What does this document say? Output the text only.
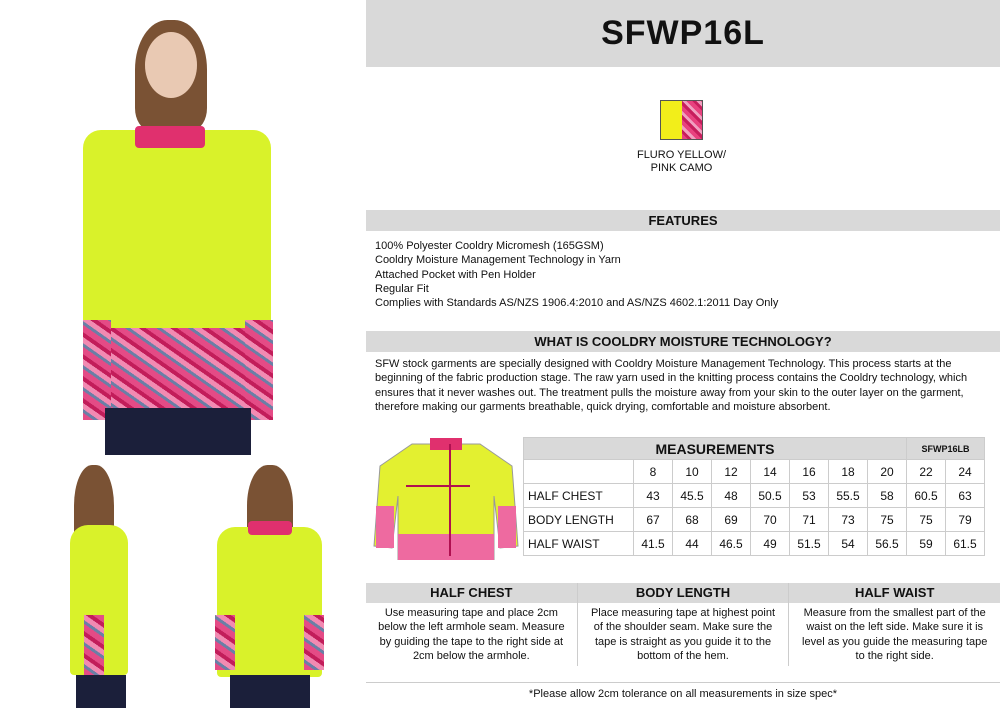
SFWP16L
FLURO YELLOW/
PINK CAMO
FEATURES
100% Polyester Cooldry Micromesh (165GSM)
Cooldry Moisture Management Technology in Yarn
Attached Pocket with Pen Holder
Regular Fit
Complies with Standards AS/NZS 1906.4:2010 and AS/NZS 4602.1:2011 Day Only
WHAT IS COOLDRY MOISTURE TECHNOLOGY?
SFW stock garments are specially designed with Cooldry Moisture Management Technology. This process starts at the beginning of the fabric production stage. The raw yarn used in the knitting process contains the Cooldry technology, which ensures that it never washes out. The treatment pulls the moisture away from your skin to the outer layer on the garment, therefore making our garments breathable, quick drying, comfortable and moisture absorbent.
MEASUREMENTS								SFWP16LB	
	8	10	12	14	16	18	20	22	24
HALF CHEST	43	45.5	48	50.5	53	55.5	58	60.5	63
BODY LENGTH	67	68	69	70	71	73	75	75	79
HALF WAIST	41.5	44	46.5	49	51.5	54	56.5	59	61.5
HALF CHEST
Use measuring tape and place 2cm below the left armhole seam. Measure by guiding the tape to the right side at 2cm below the armhole.
BODY LENGTH
Place measuring tape at highest point of the shoulder seam. Make sure the tape is straight as you guide it to the bottom of the hem.
HALF WAIST
Measure from the smallest part of the waist on the left side. Make sure it is level as you guide the measuring tape to the right side.
*Please allow 2cm tolerance on all measurements in size spec*
